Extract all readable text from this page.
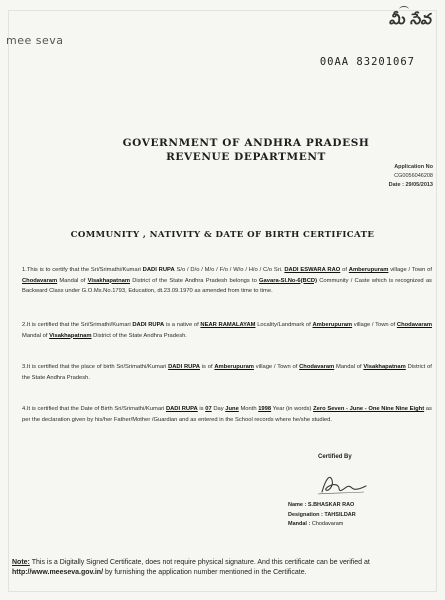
mee seva
మీ సేవ
00AA 83201067
GOVERNMENT OF ANDHRA PRADESH
REVENUE DEPARTMENT
Application No
CG0056046208
Date : 29/05/2013
COMMUNITY , NATIVITY & DATE OF BIRTH CERTIFICATE
1.This is to certify that the Sri/Srimathi/Kumari DADI RUPA S/o / D/o / M/o / F/o / W/o / H/o / C/o Sri. DADI ESWARA RAO of Amberupuram village / Town of Chodavaram Mandal of Visakhapatnam District of the State Andhra Pradesh belongs to Gavara-Sl.No-6(BCD) Community / Caste which is recognized as Backward Class under G.O.Ms.No.1793, Education, dt.23.09.1970 as amended from time to time.
2.It is certified that the Sri/Srimathi/Kumari DADI RUPA is a native of NEAR RAMALAYAM Locality/Landmark of Amberupuram village / Town of Chodavaram Mandal of Visakhapatnam District of the State Andhra Pradesh.
3.It is certified that the place of birth Sri/Srimathi/Kumari DADI RUPA is of Amberupuram village / Town of Chodavaram Mandal of Visakhapatnam District of the State Andhra Pradesh.
4.It is certified that the Date of Birth Sri/Srimathi/Kumari DADI RUPA is 07 Day June Month 1998 Year (in words) Zero Seven - June - One Nine Nine Eight as per the declaration given by his/her Father/Mother /Guardian and as entered in the School records where he/she studied.
Certified By
Name : S.BHASKAR RAO
Designation : TAHSILDAR
Mandal : Chodavaram
Note: This is a Digitally Signed Certificate, does not require physical signature. And this certificate can be verified at http://www.meeseva.gov.in/ by furnishing the application number mentioned in the Certificate.
